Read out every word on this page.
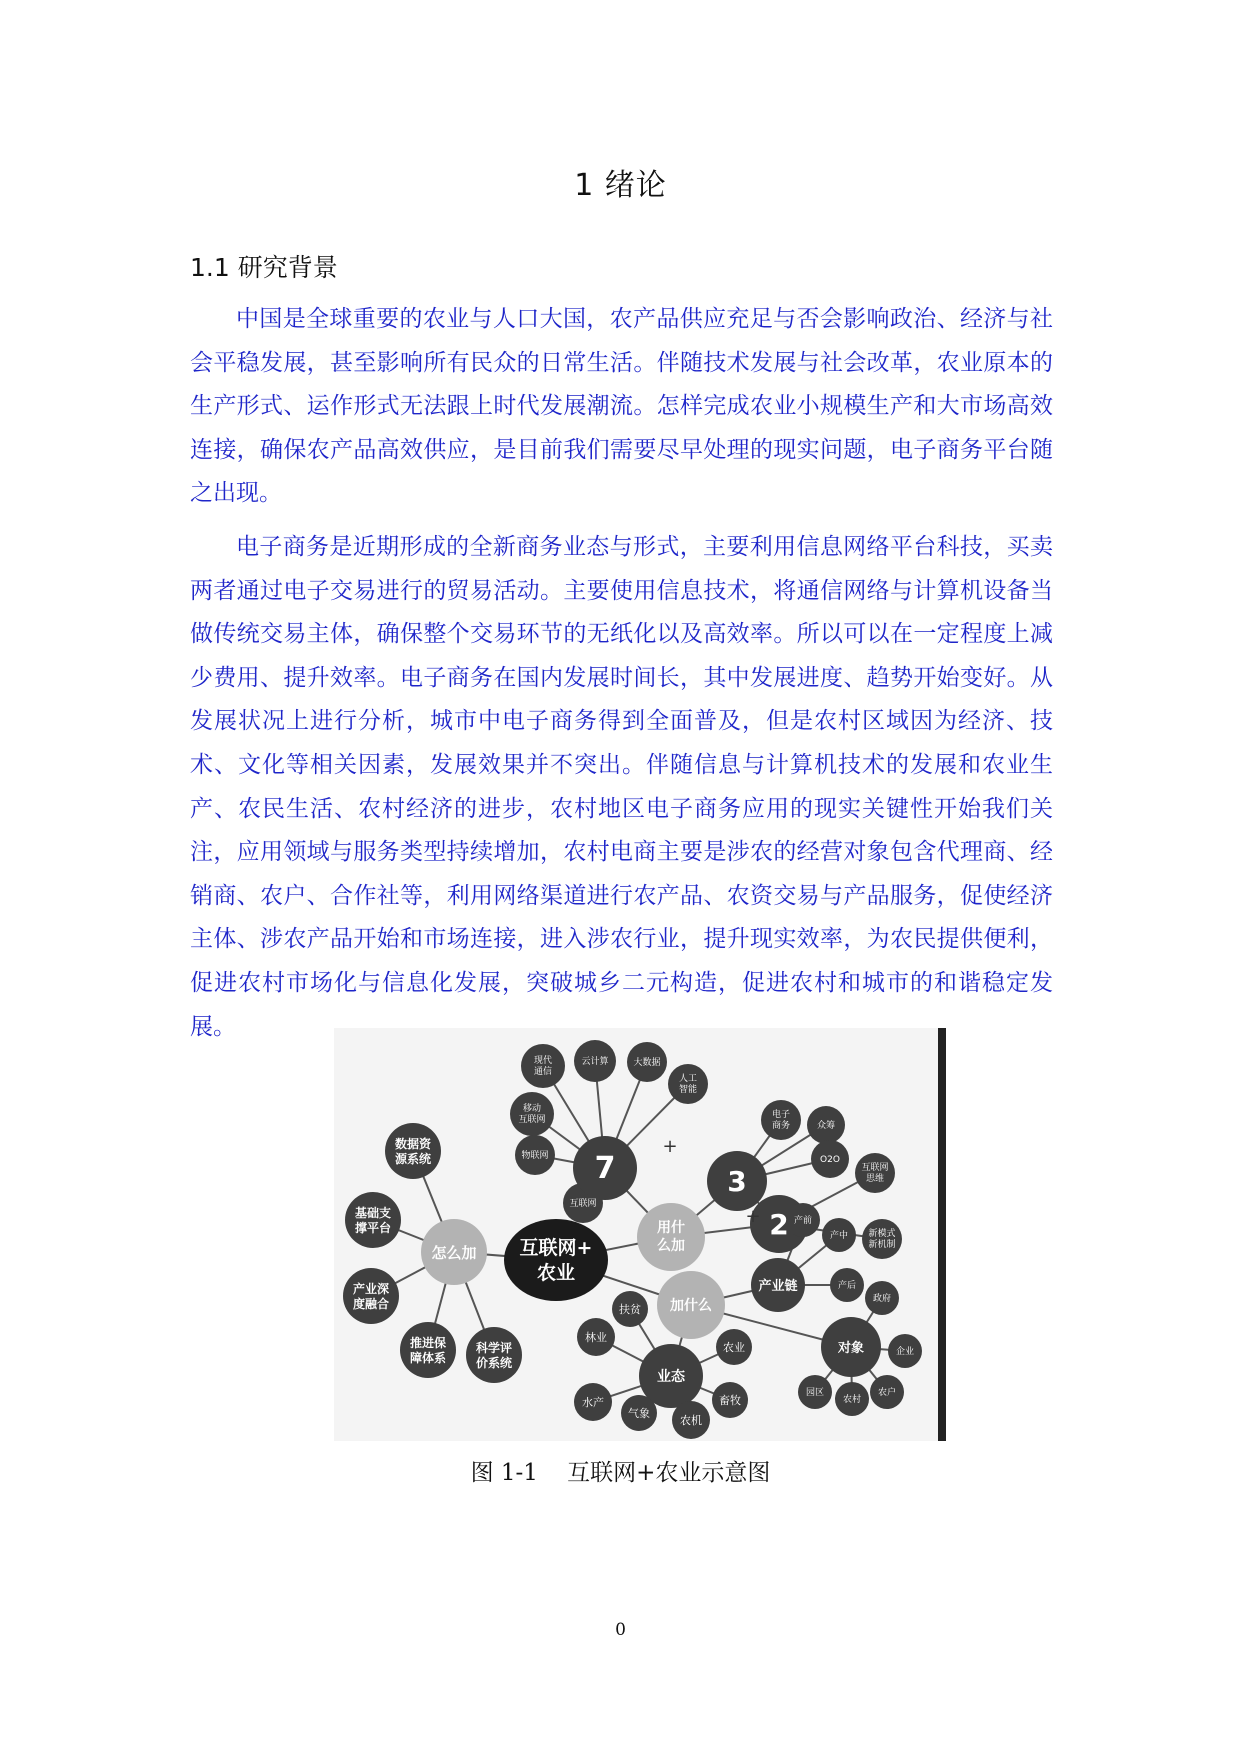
1 绪论
1.1 研究背景

中国是全球重要的农业与人口大国，农产品供应充足与否会影响政治、经济与社会平稳发展，甚至影响所有民众的日常生活。伴随技术发展与社会改革，农业原本的生产形式、运作形式无法跟上时代发展潮流。怎样完成农业小规模生产和大市场高效连接，确保农产品高效供应，是目前我们需要尽早处理的现实问题，电子商务平台随之出现。

电子商务是近期形成的全新商务业态与形式，主要利用信息网络平台科技，买卖两者通过电子交易进行的贸易活动。主要使用信息技术，将通信网络与计算机设备当做传统交易主体，确保整个交易环节的无纸化以及高效率。所以可以在一定程度上减少费用、提升效率。电子商务在国内发展时间长，其中发展进度、趋势开始变好。从发展状况上进行分析，城市中电子商务得到全面普及，但是农村区域因为经济、技术、文化等相关因素，发展效果并不突出。伴随信息与计算机技术的发展和农业生产、农民生活、农村经济的进步，农村地区电子商务应用的现实关键性开始我们关注，应用领域与服务类型持续增加，农村电商主要是涉农的经营对象包含代理商、经销商、农户、合作社等，利用网络渠道进行农产品、农资交易与产品服务，促使经济主体、涉农产品开始和市场连接，进入涉农行业，提升现实效率，为农民提供便利，促进农村市场化与信息化发展，突破城乡二元构造，促进农村和城市的和谐稳定发展。

互联网+
农业
怎么加
用什
么加
加什么
7	3
2
产业链
对象
业态
数据资
源系统
基础支
撑平台
产业深
度融合
推进保
障体系
科学评
价系统
现代
通信
云计算	大数据
人工
智能
移动
互联网
物联网
互联网
电子
商务	众筹
O2O
互联网
思维
新模式
新机制
产前
产中
产后
政府
企业
农户
农村
园区
扶贫
林业
农业
水产
气象
农机
畜牧
+
+
图 1-1    互联网+农业示意图
0
